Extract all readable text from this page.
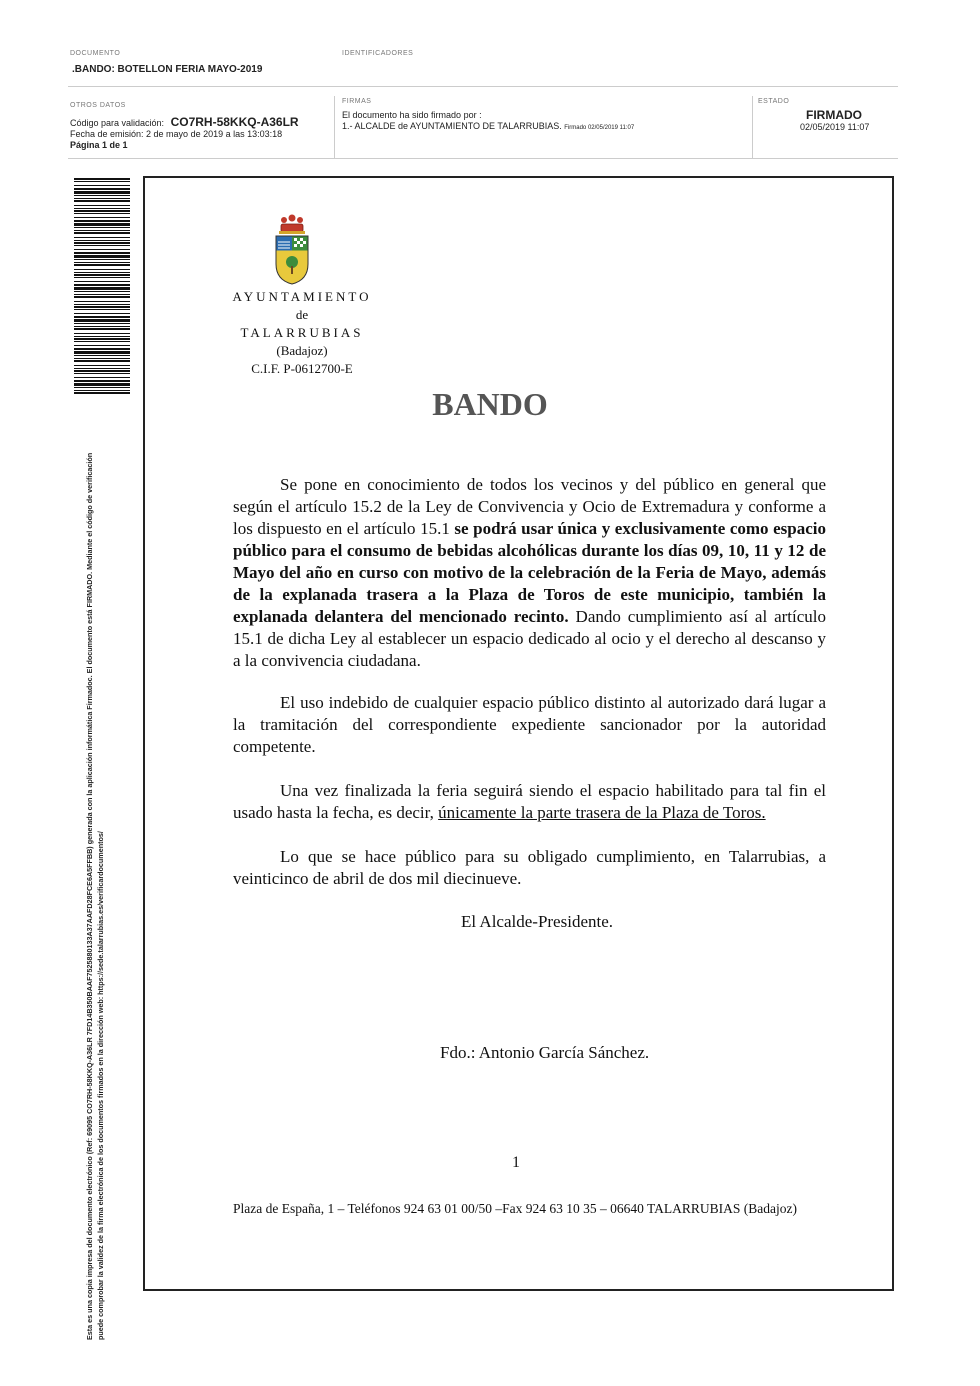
DOCUMENTO
.BANDO: BOTELLON FERIA MAYO-2019
IDENTIFICADORES
OTROS DATOS
Código para validación: CO7RH-58KKQ-A36LR
Fecha de emisión: 2 de mayo de 2019 a las 13:03:18
Página 1 de 1
FIRMAS
El documento ha sido firmado por :
1.- ALCALDE de AYUNTAMIENTO DE TALARRUBIAS. Firmado 02/05/2019 11:07
ESTADO
FIRMADO
02/05/2019 11:07
Esta es una copia impresa del documento electrónico (Ref: 69095 CO7RH-58KKQ-A36LR 7FD14B350BAAF7525880133A37AAFD28FCE6A5FFBB) generada con la aplicación informática Firmadoc. El documento está FIRMADO. Mediante el código de verificación puede comprobar la validez de la firma electrónica de los documentos firmados en la dirección web: https://sede.talarrubias.es/verificardocumentos/
AYUNTAMIENTO
de
TALARRUBIAS
(Badajoz)
C.I.F. P-0612700-E
BANDO

Se pone en conocimiento de todos los vecinos y del público en general que según el artículo 15.2 de la Ley de Convivencia y Ocio de Extremadura y conforme a los dispuesto en el artículo 15.1 se podrá usar única y exclusivamente como espacio público para el consumo de bebidas alcohólicas durante los días 09, 10, 11 y 12 de Mayo del año en curso con motivo de la celebración de la Feria de Mayo, además de la explanada trasera a la Plaza de Toros de este municipio, también la explanada delantera del mencionado recinto. Dando cumplimiento así al artículo 15.1 de dicha Ley al establecer un espacio dedicado al ocio y el derecho al descanso y a la convivencia ciudadana.

El uso indebido de cualquier espacio público distinto al autorizado dará lugar a la tramitación del correspondiente expediente sancionador por la autoridad competente.

Una vez finalizada la feria seguirá siendo el espacio habilitado para tal fin el usado hasta la fecha, es decir, únicamente la parte trasera de la Plaza de Toros.

Lo que se hace público para su obligado cumplimiento, en Talarrubias, a veinticinco de abril de dos mil diecinueve.

El Alcalde-Presidente.
Fdo.: Antonio García Sánchez.
1
Plaza de España, 1 – Teléfonos 924 63 01 00/50 –Fax 924 63 10 35 – 06640 TALARRUBIAS (Badajoz)
